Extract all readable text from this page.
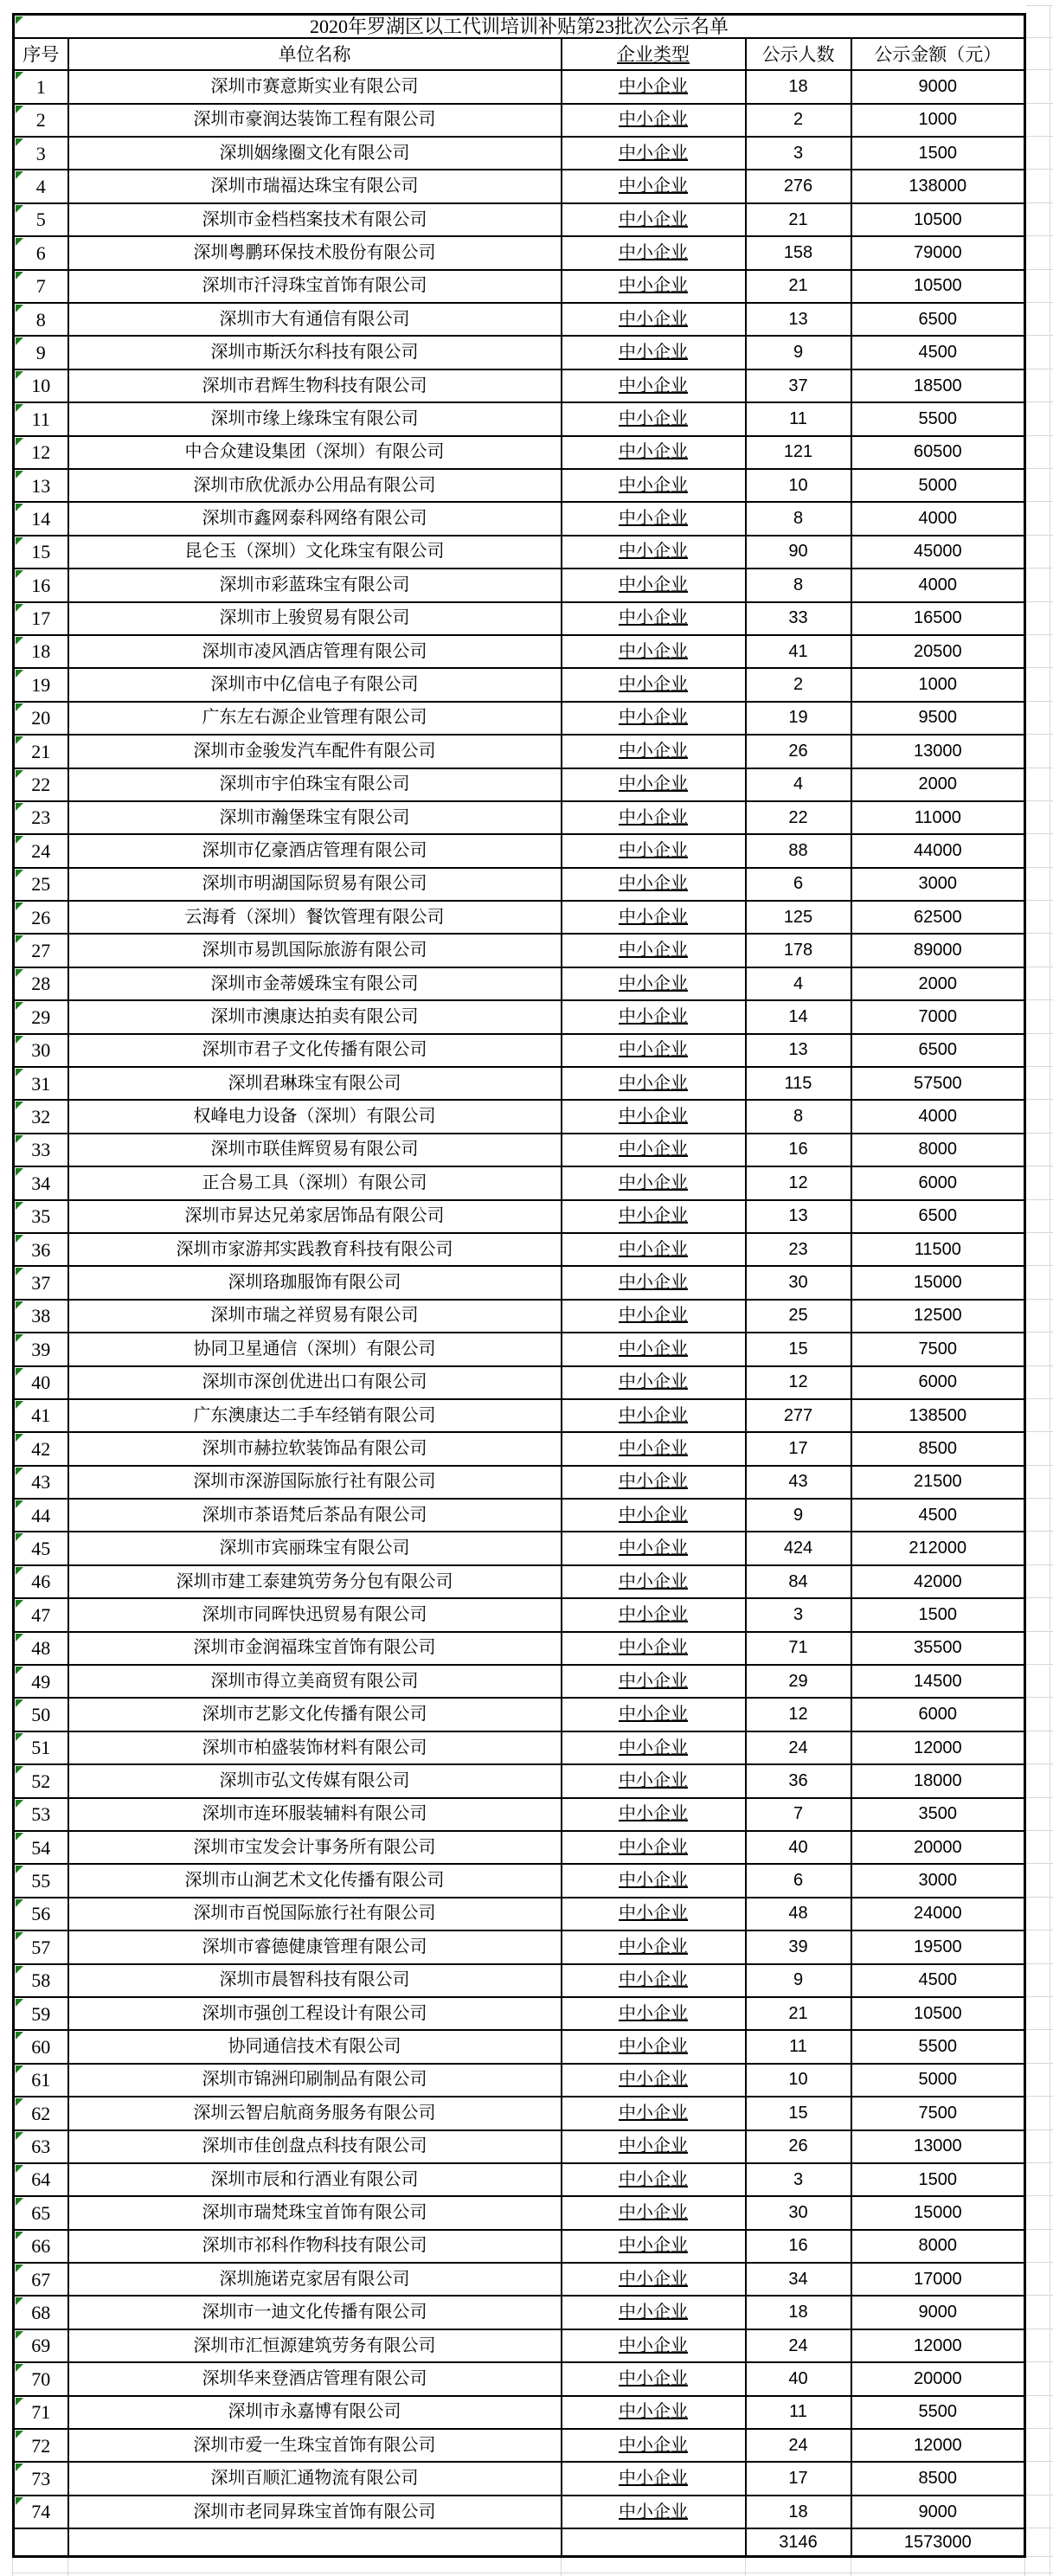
2020年罗湖区以工代训培训补贴第23批次公示名单				
序号	单位名称	企业类型	公示人数	公示金额（元）

1	深圳市赛意斯实业有限公司	中小企业	18	9000

2	深圳市豪润达装饰工程有限公司	中小企业	2	1000

3	深圳姻缘圈文化有限公司	中小企业	3	1500

4	深圳市瑞福达珠宝有限公司	中小企业	276	138000

5	深圳市金档档案技术有限公司	中小企业	21	10500

6	深圳粤鹏环保技术股份有限公司	中小企业	158	79000

7	深圳市汘浔珠宝首饰有限公司	中小企业	21	10500

8	深圳市大有通信有限公司	中小企业	13	6500

9	深圳市斯沃尔科技有限公司	中小企业	9	4500

10	深圳市君辉生物科技有限公司	中小企业	37	18500

11	深圳市缘上缘珠宝有限公司	中小企业	11	5500

12	中合众建设集团（深圳）有限公司	中小企业	121	60500

13	深圳市欣优派办公用品有限公司	中小企业	10	5000

14	深圳市鑫网泰科网络有限公司	中小企业	8	4000

15	昆仑玉（深圳）文化珠宝有限公司	中小企业	90	45000

16	深圳市彩蓝珠宝有限公司	中小企业	8	4000

17	深圳市上骏贸易有限公司	中小企业	33	16500

18	深圳市凌风酒店管理有限公司	中小企业	41	20500

19	深圳市中亿信电子有限公司	中小企业	2	1000

20	广东左右源企业管理有限公司	中小企业	19	9500

21	深圳市金骏发汽车配件有限公司	中小企业	26	13000

22	深圳市宇伯珠宝有限公司	中小企业	4	2000

23	深圳市瀚堡珠宝有限公司	中小企业	22	11000

24	深圳市亿豪酒店管理有限公司	中小企业	88	44000

25	深圳市明湖国际贸易有限公司	中小企业	6	3000

26	云海肴（深圳）餐饮管理有限公司	中小企业	125	62500

27	深圳市易凯国际旅游有限公司	中小企业	178	89000

28	深圳市金蒂媛珠宝有限公司	中小企业	4	2000

29	深圳市澳康达拍卖有限公司	中小企业	14	7000

30	深圳市君子文化传播有限公司	中小企业	13	6500

31	深圳君琳珠宝有限公司	中小企业	115	57500

32	权峰电力设备（深圳）有限公司	中小企业	8	4000

33	深圳市联佳辉贸易有限公司	中小企业	16	8000

34	正合易工具（深圳）有限公司	中小企业	12	6000

35	深圳市昇达兄弟家居饰品有限公司	中小企业	13	6500

36	深圳市家游邦实践教育科技有限公司	中小企业	23	11500

37	深圳珞珈服饰有限公司	中小企业	30	15000

38	深圳市瑞之祥贸易有限公司	中小企业	25	12500

39	协同卫星通信（深圳）有限公司	中小企业	15	7500

40	深圳市深创优进出口有限公司	中小企业	12	6000

41	广东澳康达二手车经销有限公司	中小企业	277	138500

42	深圳市赫拉软装饰品有限公司	中小企业	17	8500

43	深圳市深游国际旅行社有限公司	中小企业	43	21500

44	深圳市茶语梵后茶品有限公司	中小企业	9	4500

45	深圳市宾丽珠宝有限公司	中小企业	424	212000

46	深圳市建工泰建筑劳务分包有限公司	中小企业	84	42000

47	深圳市同晖快迅贸易有限公司	中小企业	3	1500

48	深圳市金润福珠宝首饰有限公司	中小企业	71	35500

49	深圳市得立美商贸有限公司	中小企业	29	14500

50	深圳市艺影文化传播有限公司	中小企业	12	6000

51	深圳市柏盛装饰材料有限公司	中小企业	24	12000

52	深圳市弘文传媒有限公司	中小企业	36	18000

53	深圳市连环服装辅料有限公司	中小企业	7	3500

54	深圳市宝发会计事务所有限公司	中小企业	40	20000

55	深圳市山涧艺术文化传播有限公司	中小企业	6	3000

56	深圳市百悦国际旅行社有限公司	中小企业	48	24000

57	深圳市睿德健康管理有限公司	中小企业	39	19500

58	深圳市晨智科技有限公司	中小企业	9	4500

59	深圳市强创工程设计有限公司	中小企业	21	10500

60	协同通信技术有限公司	中小企业	11	5500

61	深圳市锦洲印刷制品有限公司	中小企业	10	5000

62	深圳云智启航商务服务有限公司	中小企业	15	7500

63	深圳市佳创盘点科技有限公司	中小企业	26	13000

64	深圳市辰和行酒业有限公司	中小企业	3	1500

65	深圳市瑞梵珠宝首饰有限公司	中小企业	30	15000

66	深圳市祁科作物科技有限公司	中小企业	16	8000

67	深圳施诺克家居有限公司	中小企业	34	17000

68	深圳市一迪文化传播有限公司	中小企业	18	9000

69	深圳市汇恒源建筑劳务有限公司	中小企业	24	12000

70	深圳华来登酒店管理有限公司	中小企业	40	20000

71	深圳市永嘉博有限公司	中小企业	11	5500

72	深圳市爱一生珠宝首饰有限公司	中小企业	24	12000

73	深圳百顺汇通物流有限公司	中小企业	17	8500

74	深圳市老同昇珠宝首饰有限公司	中小企业	18	9000
			3146	1573000
